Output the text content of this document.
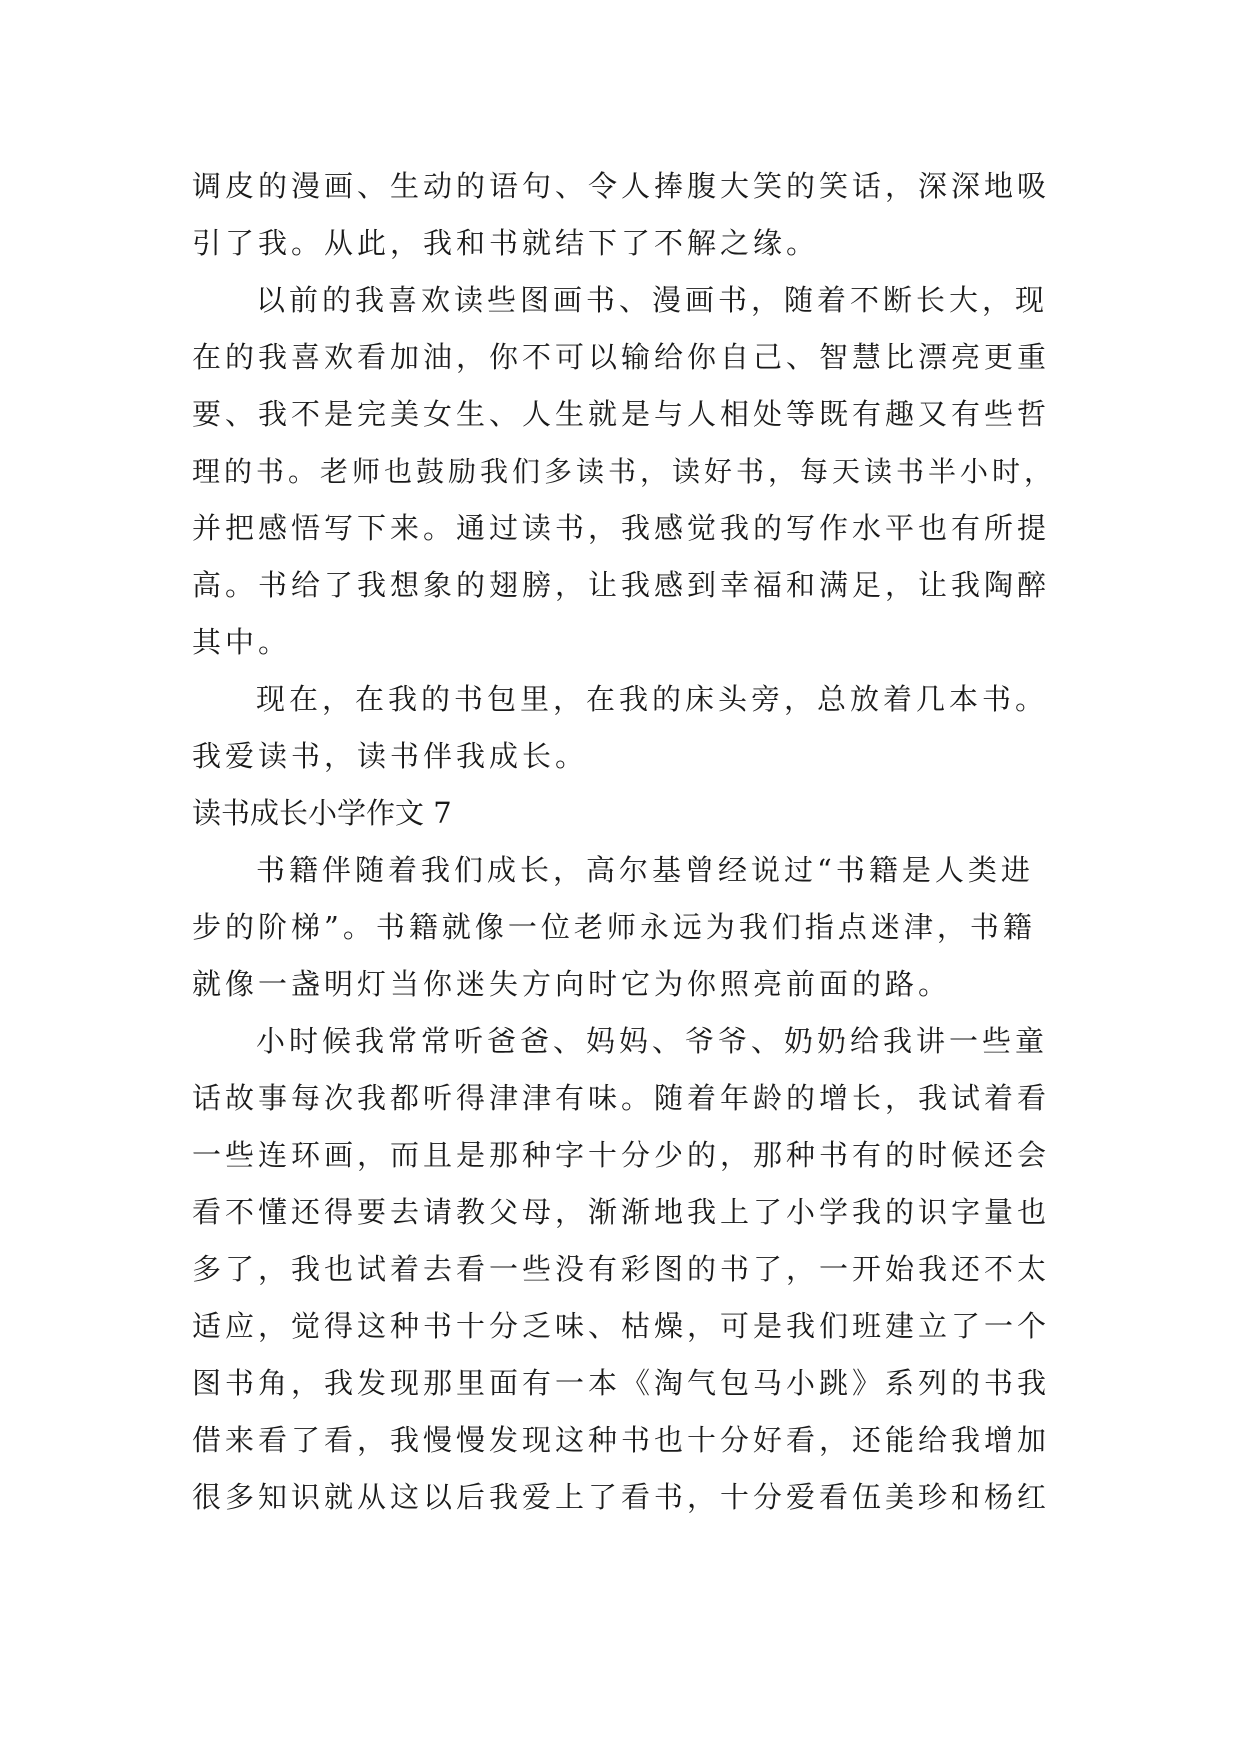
调皮的漫画、生动的语句、令人捧腹大笑的笑话，深深地吸
引了我。从此，我和书就结下了不解之缘。
以前的我喜欢读些图画书、漫画书，随着不断长大，现
在的我喜欢看加油，你不可以输给你自己、智慧比漂亮更重
要、我不是完美女生、人生就是与人相处等既有趣又有些哲
理的书。老师也鼓励我们多读书，读好书，每天读书半小时，
并把感悟写下来。通过读书，我感觉我的写作水平也有所提
高。书给了我想象的翅膀，让我感到幸福和满足，让我陶醉
其中。
现在，在我的书包里，在我的床头旁，总放着几本书。
我爱读书，读书伴我成长。
读书成长小学作文 7
书籍伴随着我们成长，高尔基曾经说过“书籍是人类进
步的阶梯”。书籍就像一位老师永远为我们指点迷津，书籍
就像一盏明灯当你迷失方向时它为你照亮前面的路。
小时候我常常听爸爸、妈妈、爷爷、奶奶给我讲一些童
话故事每次我都听得津津有味。随着年龄的增长，我试着看
一些连环画，而且是那种字十分少的，那种书有的时候还会
看不懂还得要去请教父母，渐渐地我上了小学我的识字量也
多了，我也试着去看一些没有彩图的书了，一开始我还不太
适应，觉得这种书十分乏味、枯燥，可是我们班建立了一个
图书角，我发现那里面有一本《淘气包马小跳》系列的书我
借来看了看，我慢慢发现这种书也十分好看，还能给我增加
很多知识就从这以后我爱上了看书，十分爱看伍美珍和杨红
